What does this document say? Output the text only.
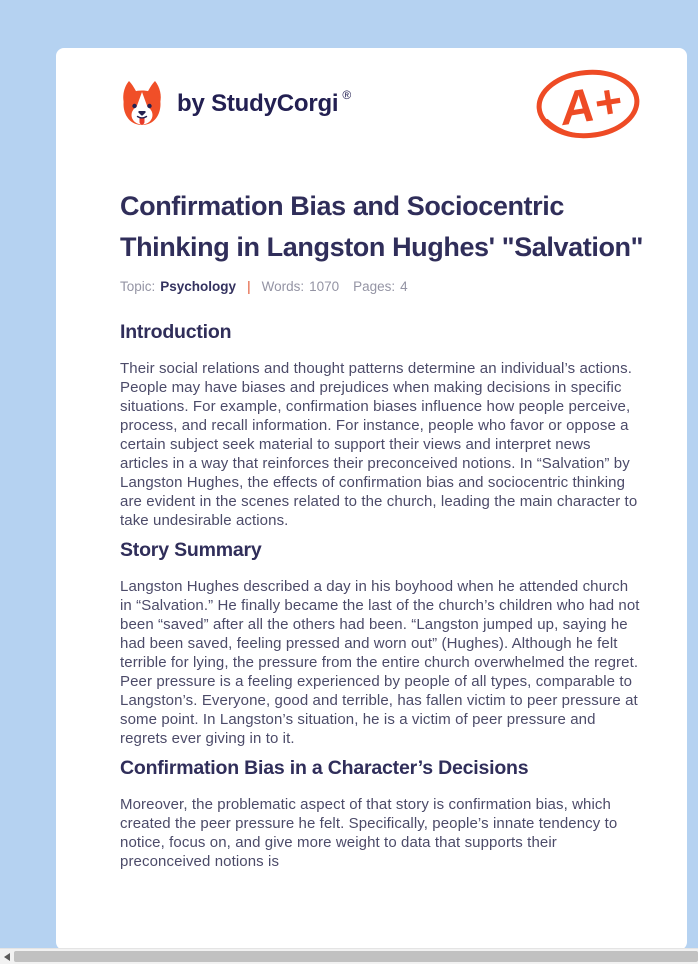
by StudyCorgi ®	A+
Confirmation Bias and Sociocentric Thinking in Langston Hughes' "Salvation"
Topic: Psychology | Words: 1070 Pages: 4
Introduction

Their social relations and thought patterns determine an individual’s actions. People may have biases and prejudices when making decisions in specific situations. For example, confirmation biases influence how people perceive, process, and recall information. For instance, people who favor or oppose a certain subject seek material to support their views and interpret news articles in a way that reinforces their preconceived notions. In “Salvation” by Langston Hughes, the effects of confirmation bias and sociocentric thinking are evident in the scenes related to the church, leading the main character to take undesirable actions.

Story Summary

Langston Hughes described a day in his boyhood when he attended church in “Salvation.” He finally became the last of the church’s children who had not been “saved” after all the others had been. “Langston jumped up, saying he had been saved, feeling pressed and worn out” (Hughes). Although he felt terrible for lying, the pressure from the entire church overwhelmed the regret. Peer pressure is a feeling experienced by people of all types, comparable to Langston’s. Everyone, good and terrible, has fallen victim to peer pressure at some point. In Langston’s situation, he is a victim of peer pressure and regrets ever giving in to it.

Confirmation Bias in a Character’s Decisions

Moreover, the problematic aspect of that story is confirmation bias, which created the peer pressure he felt. Specifically, people’s innate tendency to notice, focus on, and give more weight to data that supports their preconceived notions is
